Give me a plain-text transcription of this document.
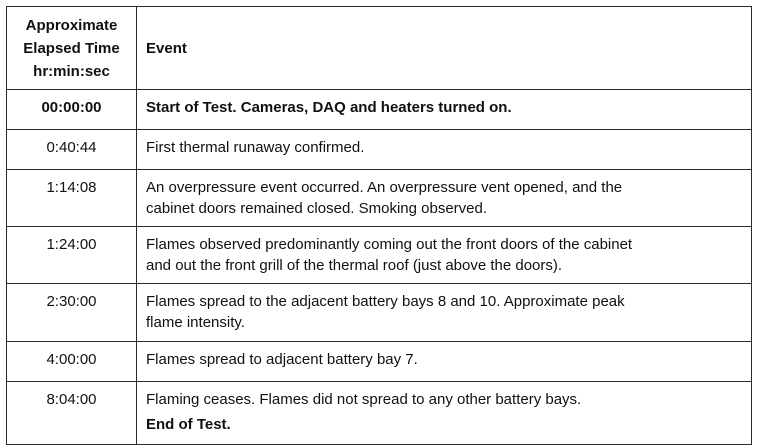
Approximate
Elapsed Time
hr:min:sec	Event
00:00:00	Start of Test. Cameras, DAQ and heaters turned on.
0:40:44	First thermal runaway confirmed.
1:14:08	An overpressure event occurred. An overpressure vent opened, and the
cabinet doors remained closed. Smoking observed.
1:24:00	Flames observed predominantly coming out the front doors of the cabinet
and out the front grill of the thermal roof (just above the doors).
2:30:00	Flames spread to the adjacent battery bays 8 and 10. Approximate peak
flame intensity.
4:00:00	Flames spread to adjacent battery bay 7.
8:04:00	Flaming ceases. Flames did not spread to any other battery bays.
End of Test.
